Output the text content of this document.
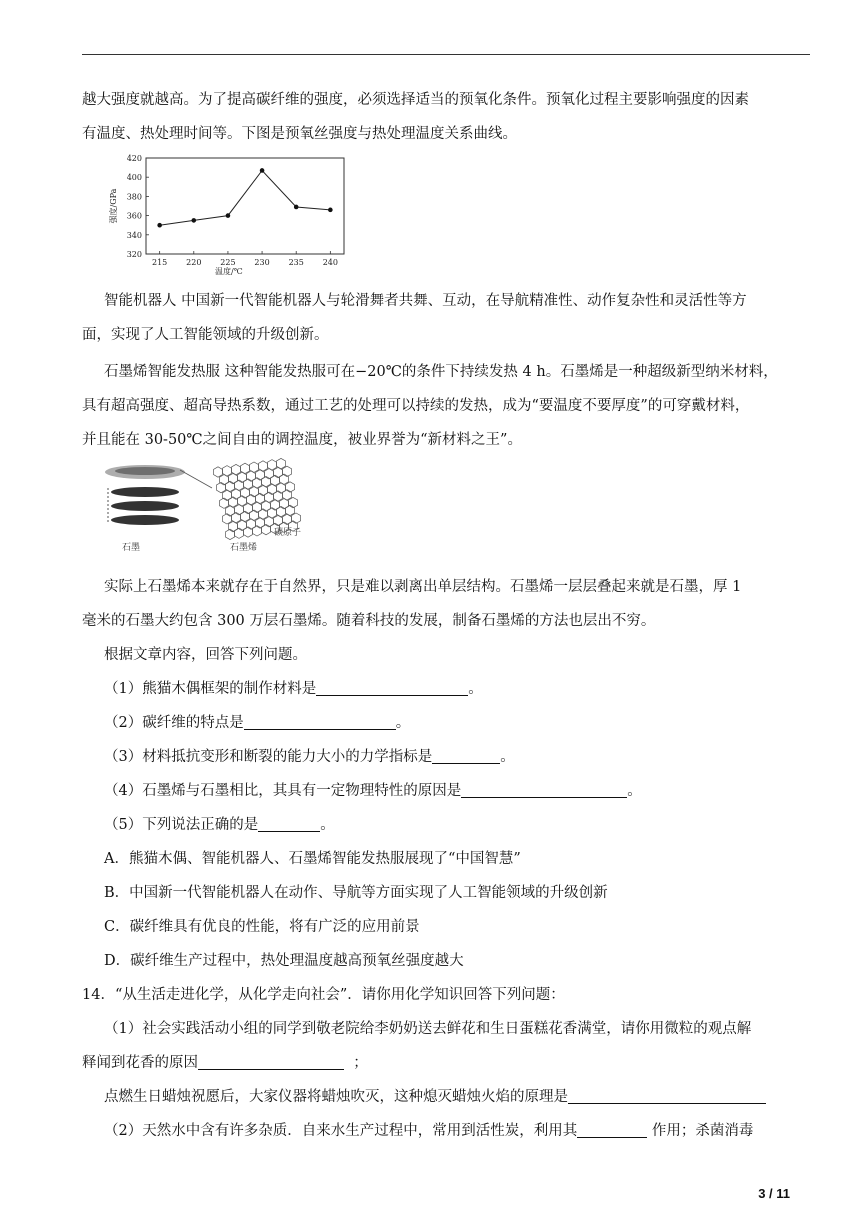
越大强度就越高。为了提高碳纤维的强度，必须选择适当的预氧化条件。预氧化过程主要影响强度的因素
有温度、热处理时间等。下图是预氧丝强度与热处理温度关系曲线。
320
340
360
380
400
420
215 220 225 230 235 240
温度/℃
强度/GPa
智能机器人 中国新一代智能机器人与轮滑舞者共舞、互动，在导航精准性、动作复杂性和灵活性等方
面，实现了人工智能领域的升级创新。
石墨烯智能发热服 这种智能发热服可在−20℃的条件下持续发热 4 h。石墨烯是一种超级新型纳米材料，
具有超高强度、超高导热系数，通过工艺的处理可以持续的发热，成为“要温度不要厚度”的可穿戴材料，
并且能在 30-50℃之间自由的调控温度，被业界誉为“新材料之王”。
石墨	石墨烯
碳原子
实际上石墨烯本来就存在于自然界，只是难以剥离出单层结构。石墨烯一层层叠起来就是石墨，厚 1
毫米的石墨大约包含 300 万层石墨烯。随着科技的发展，制备石墨烯的方法也层出不穷。
根据文章内容，回答下列问题。
（1）熊猫木偶框架的制作材料是	。
（2）碳纤维的特点是	。
（3）材料抵抗变形和断裂的能力大小的力学指标是	。
（4）石墨烯与石墨相比，其具有一定物理特性的原因是	。
（5）下列说法正确的是	。
A．熊猫木偶、智能机器人、石墨烯智能发热服展现了“中国智慧”
B．中国新一代智能机器人在动作、导航等方面实现了人工智能领域的升级创新
C．碳纤维具有优良的性能，将有广泛的应用前景
D．碳纤维生产过程中，热处理温度越高预氧丝强度越大
14．“从生活走进化学，从化学走向社会”．请你用化学知识回答下列问题：
（1）社会实践活动小组的同学到敬老院给李奶奶送去鲜花和生日蛋糕花香满堂，请你用微粒的观点解
释闻到花香的原因	；
点燃生日蜡烛祝愿后，大家仪器将蜡烛吹灭，这种熄灭蜡烛火焰的原理是
（2）天然水中含有许多杂质．自来水生产过程中，常用到活性炭，利用其	作用；杀菌消毒
3 / 11
